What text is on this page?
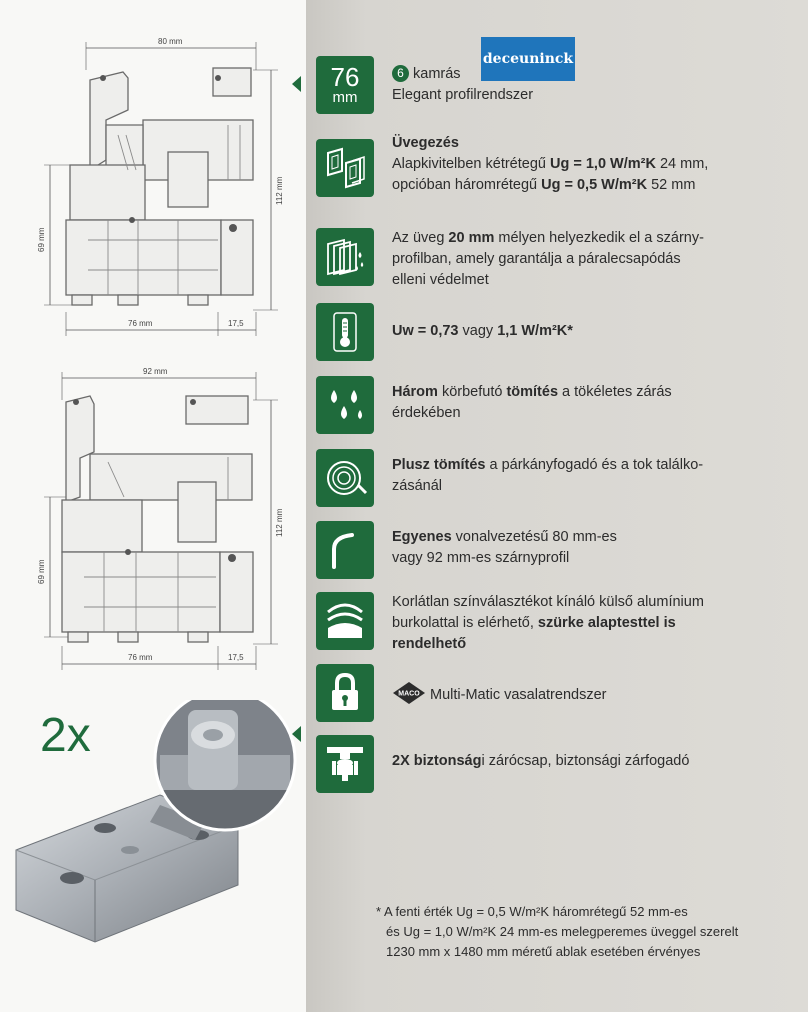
80 mm
112 mm
69 mm
76 mm	17,5
92 mm
112 mm
69 mm
76 mm	17,5
2x
deceuninck
76
mm
6 kamrás
Elegant profilrendszer
Üvegezés
Alapkivitelben kétrétegű Ug = 1,0 W/m²K 24 mm,
opcióban háromrétegű Ug = 0,5 W/m²K 52 mm
Az üveg 20 mm mélyen helyezkedik el a szárny-
profilban, amely garantálja a páralecsapódás
elleni védelmet
Uw = 0,73 vagy 1,1 W/m²K*
Három körbefutó tömítés a tökéletes zárás
érdekében
Plusz tömítés a párkányfogadó és a tok találko-
zásánál
Egyenes vonalvezetésű 80 mm-es
vagy 92 mm-es szárnyprofil
Korlátlan színválasztékot kínáló külső alumínium
burkolattal is elérhető, szürke alaptesttel is
rendelhető
MACO Multi-Matic vasalatrendszer
2X biztonsági zárócsap, biztonsági zárfogadó
* A fenti érték Ug = 0,5 W/m²K háromrétegű 52 mm-es
és Ug = 1,0 W/m²K 24 mm-es melegperemes üveggel szerelt
1230 mm x 1480 mm méretű ablak esetében érvényes
